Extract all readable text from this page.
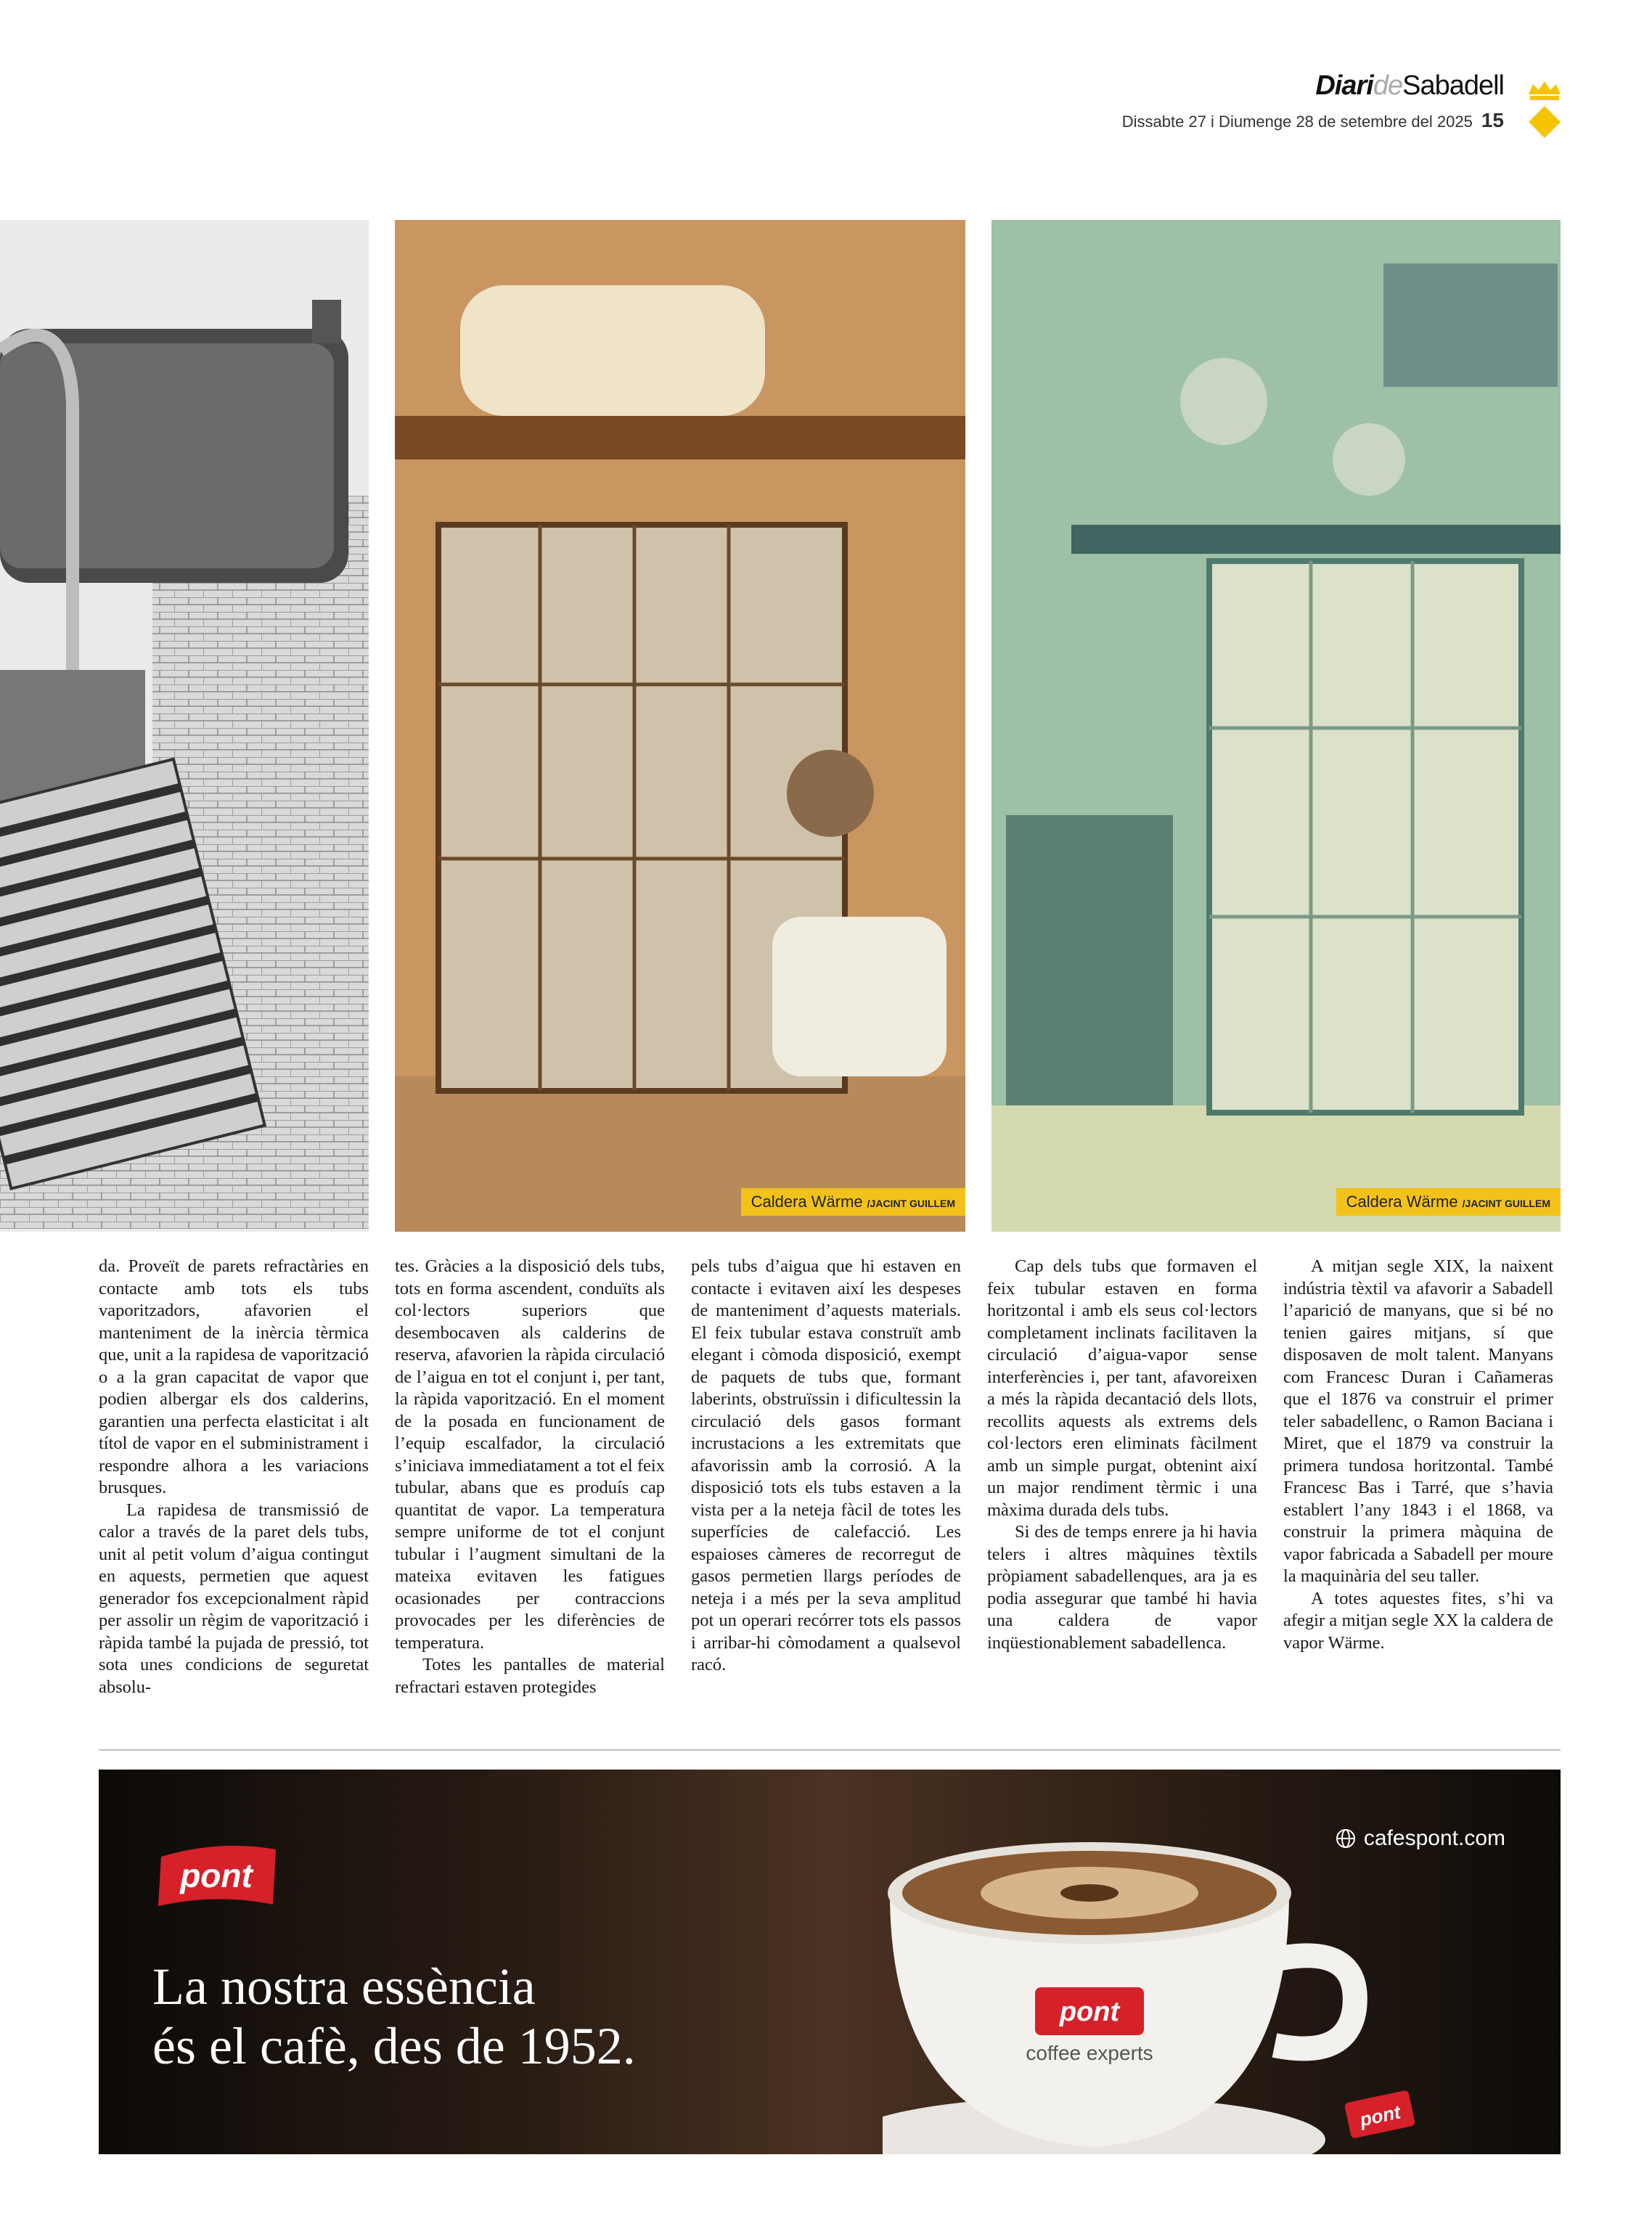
DiarideSabadell
Dissabte 27 i Diumenge 28 de setembre del 2025 15
Caldera Wärme /JACINT GUILLEM	Caldera Wärme /JACINT GUILLEM

da. Proveït de parets refractàries en contacte amb tots els tubs vaporitzadors, afavorien el manteniment de la inèrcia tèrmica que, unit a la rapidesa de vaporització o a la gran capacitat de vapor que podien albergar els dos calderins, garantien una perfecta elasticitat i alt títol de vapor en el subministrament i respondre alhora a les variacions brusques.

La rapidesa de transmissió de calor a través de la paret dels tubs, unit al petit volum d’aigua contingut en aquests, permetien que aquest generador fos excepcionalment ràpid per assolir un règim de vaporització i ràpida també la pujada de pressió, tot sota unes condicions de seguretat absolu-

tes. Gràcies a la disposició dels tubs, tots en forma ascendent, conduïts als col·lectors superiors que desembocaven als calderins de reserva, afavorien la ràpida circulació de l’aigua en tot el conjunt i, per tant, la ràpida vaporització. En el moment de la posada en funcionament de l’equip escalfador, la circulació s’iniciava immediatament a tot el feix tubular, abans que es produís cap quantitat de vapor. La temperatura sempre uniforme de tot el conjunt tubular i l’augment simultani de la mateixa evitaven les fatigues ocasionades per contraccions provocades per les diferències de temperatura.

Totes les pantalles de material refractari estaven protegides

pels tubs d’aigua que hi estaven en contacte i evitaven així les despeses de manteniment d’aquests materials. El feix tubular estava construït amb elegant i còmoda disposició, exempt de paquets de tubs que, formant laberints, obstruïssin i dificultessin la circulació dels gasos formant incrustacions a les extremitats que afavorissin amb la corrosió. A la disposició tots els tubs estaven a la vista per a la neteja fàcil de totes les superfícies de calefacció. Les espaioses càmeres de recorregut de gasos permetien llargs períodes de neteja i a més per la seva amplitud pot un operari recórrer tots els passos i arribar-hi còmodament a qualsevol racó.

Cap dels tubs que formaven el feix tubular estaven en forma horitzontal i amb els seus col·lectors completament inclinats facilitaven la circulació d’aigua-vapor sense interferències i, per tant, afavoreixen a més la ràpida decantació dels llots, recollits aquests als extrems dels col·lectors eren eliminats fàcilment amb un simple purgat, obtenint així un major rendiment tèrmic i una màxima durada dels tubs.

Si des de temps enrere ja hi havia telers i altres màquines tèxtils pròpiament sabadellenques, ara ja es podia assegurar que també hi havia una caldera de vapor inqüestionablement sabadellenca.

A mitjan segle XIX, la naixent indústria tèxtil va afavorir a Sabadell l’aparició de manyans, que si bé no tenien gaires mitjans, sí que disposaven de molt talent. Manyans com Francesc Duran i Cañameras que el 1876 va construir el primer teler sabadellenc, o Ramon Baciana i Miret, que el 1879 va construir la primera tundosa horitzontal. També Francesc Bas i Tarré, que s’havia establert l’any 1843 i el 1868, va construir la primera màquina de vapor fabricada a Sabadell per moure la maquinària del seu taller.

A totes aquestes fites, s’hi va afegir a mitjan segle XX la caldera de vapor Wärme.

pont
cafespont.com
La nostra essència
és el cafè, des de 1952.
pont
coffee experts
pont
